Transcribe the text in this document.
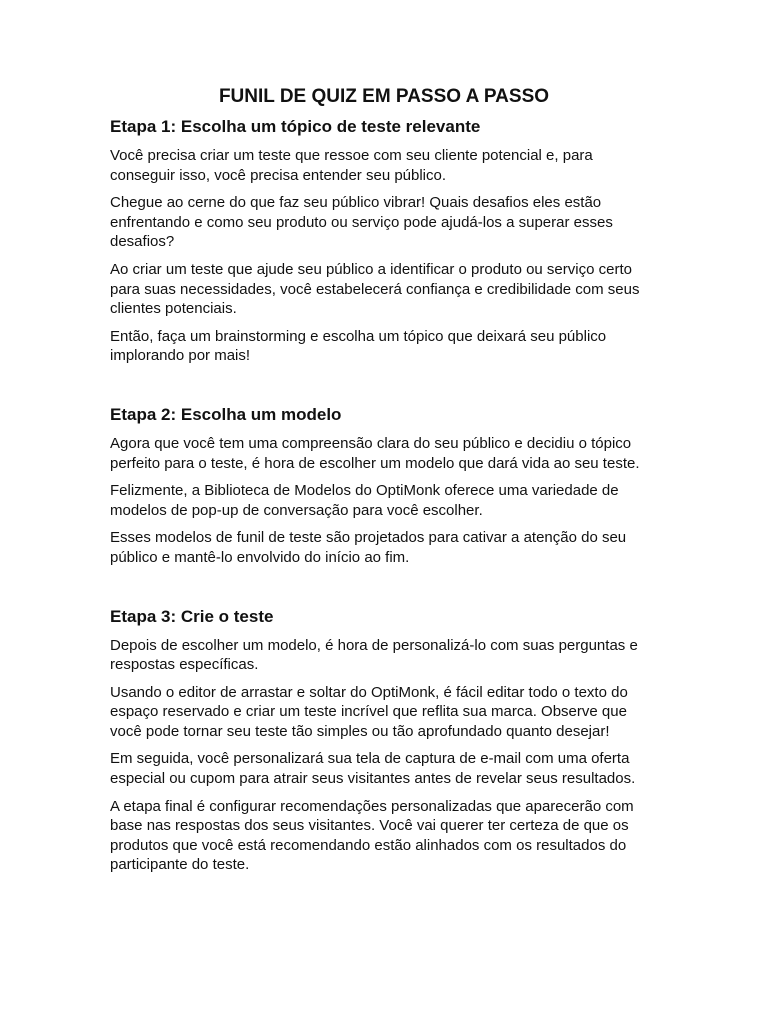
FUNIL DE QUIZ EM PASSO A PASSO
Etapa 1: Escolha um tópico de teste relevante

Você precisa criar um teste que ressoe com seu cliente potencial e, para conseguir isso, você precisa entender seu público.

Chegue ao cerne do que faz seu público vibrar! Quais desafios eles estão enfrentando e como seu produto ou serviço pode ajudá-los a superar esses desafios?

Ao criar um teste que ajude seu público a identificar o produto ou serviço certo para suas necessidades, você estabelecerá confiança e credibilidade com seus clientes potenciais.

Então, faça um brainstorming e escolha um tópico que deixará seu público implorando por mais!

Etapa 2: Escolha um modelo

Agora que você tem uma compreensão clara do seu público e decidiu o tópico perfeito para o teste, é hora de escolher um modelo que dará vida ao seu teste.

Felizmente, a Biblioteca de Modelos do OptiMonk oferece uma variedade de modelos de pop-up de conversação para você escolher.

Esses modelos de funil de teste são projetados para cativar a atenção do seu público e mantê-lo envolvido do início ao fim.

Etapa 3: Crie o teste

Depois de escolher um modelo, é hora de personalizá-lo com suas perguntas e respostas específicas.

Usando o editor de arrastar e soltar do OptiMonk, é fácil editar todo o texto do espaço reservado e criar um teste incrível que reflita sua marca. Observe que você pode tornar seu teste tão simples ou tão aprofundado quanto desejar!

Em seguida, você personalizará sua tela de captura de e-mail com uma oferta especial ou cupom para atrair seus visitantes antes de revelar seus resultados.

A etapa final é configurar recomendações personalizadas que aparecerão com base nas respostas dos seus visitantes. Você vai querer ter certeza de que os produtos que você está recomendando estão alinhados com os resultados do participante do teste.
